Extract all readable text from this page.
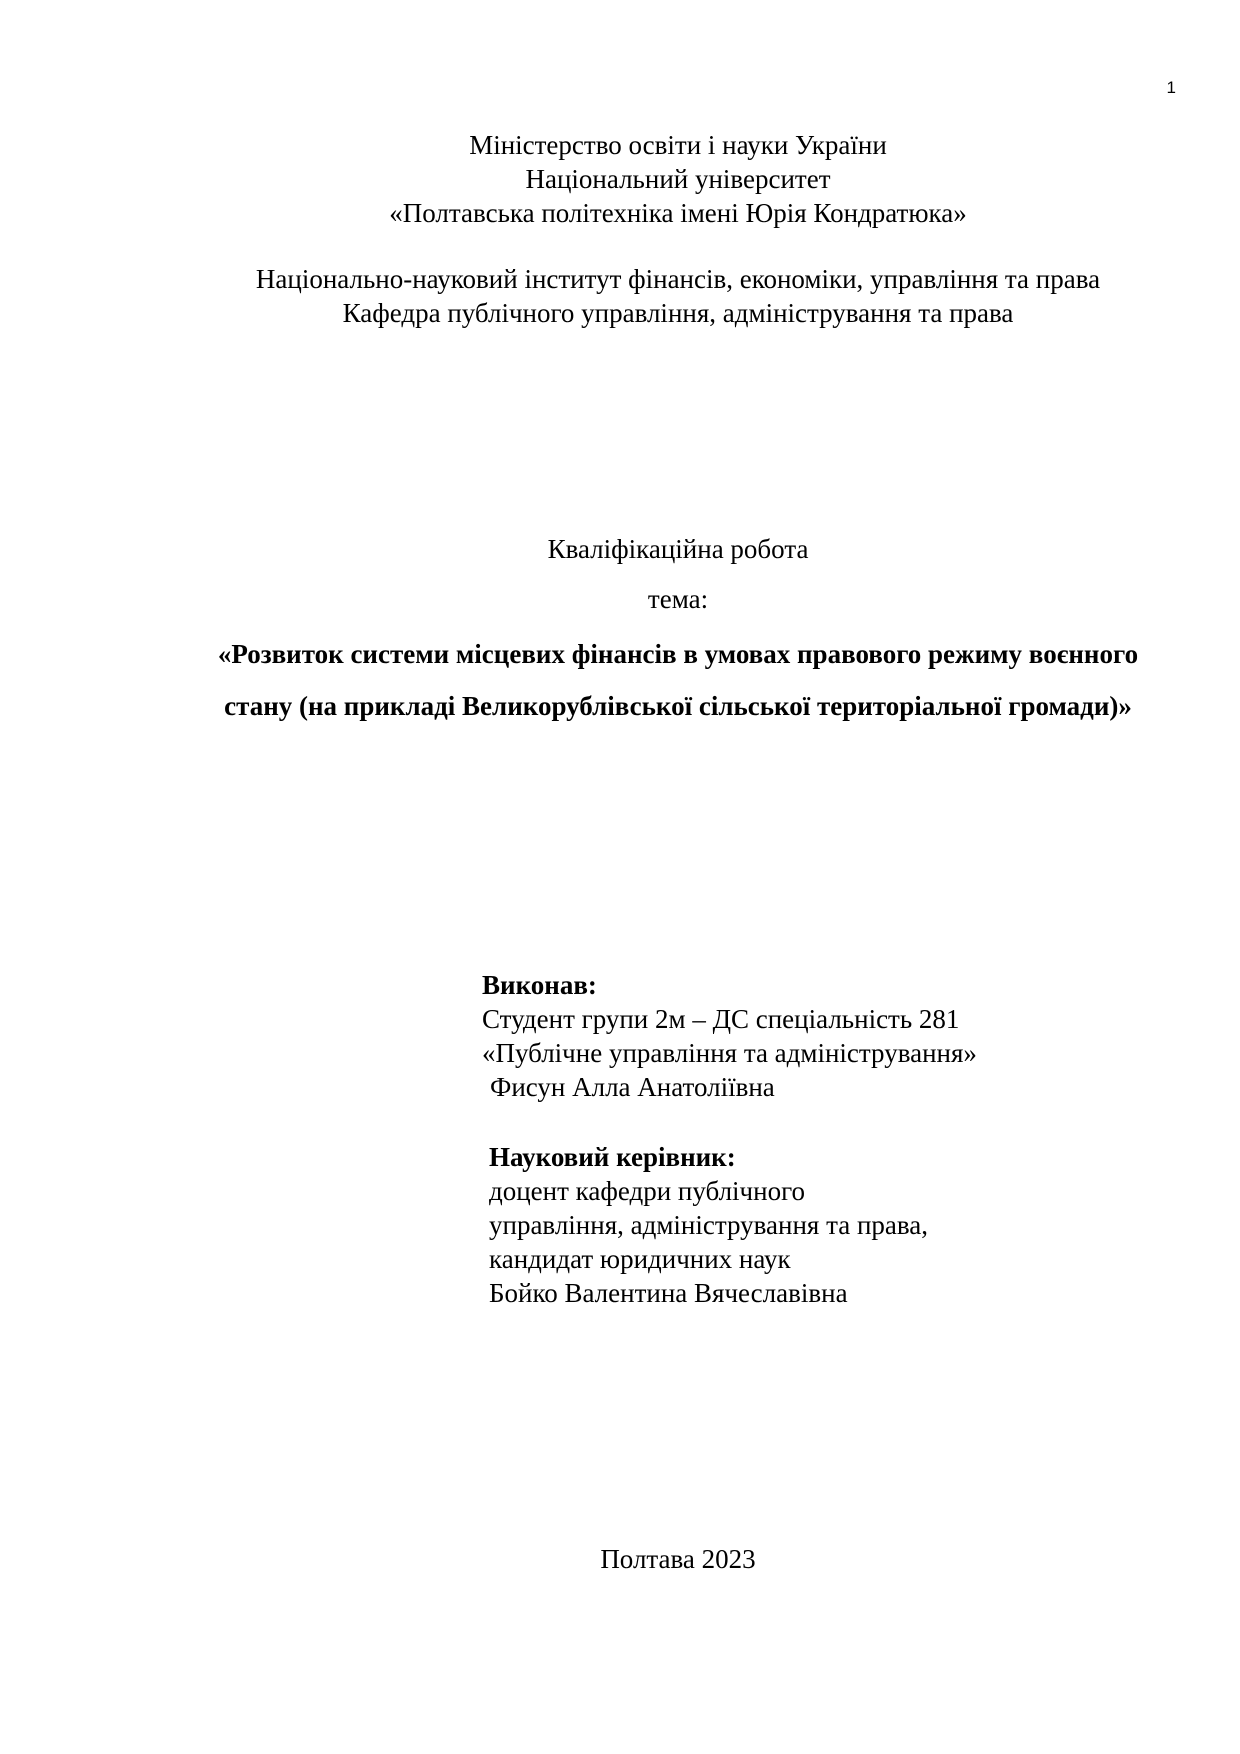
1
Міністерство освіти і науки України
Національний університет
«Полтавська політехніка імені Юрія Кондратюка»
Національно-науковий інститут фінансів, економіки, управління та права
Кафедра публічного управління, адміністрування та права
Кваліфікаційна робота
тема:
«Розвиток системи місцевих фінансів в умовах правового режиму воєнного
стану (на прикладі Великорублівської сільської територіальної громади)»
Виконав:
Студент групи 2м – ДС спеціальність 281
«Публічне управління та адміністрування»
Фисун Алла Анатоліївна
Науковий керівник:
доцент кафедри публічного
управління, адміністрування та права,
кандидат юридичних наук
Бойко Валентина Вячеславівна
Полтава 2023
